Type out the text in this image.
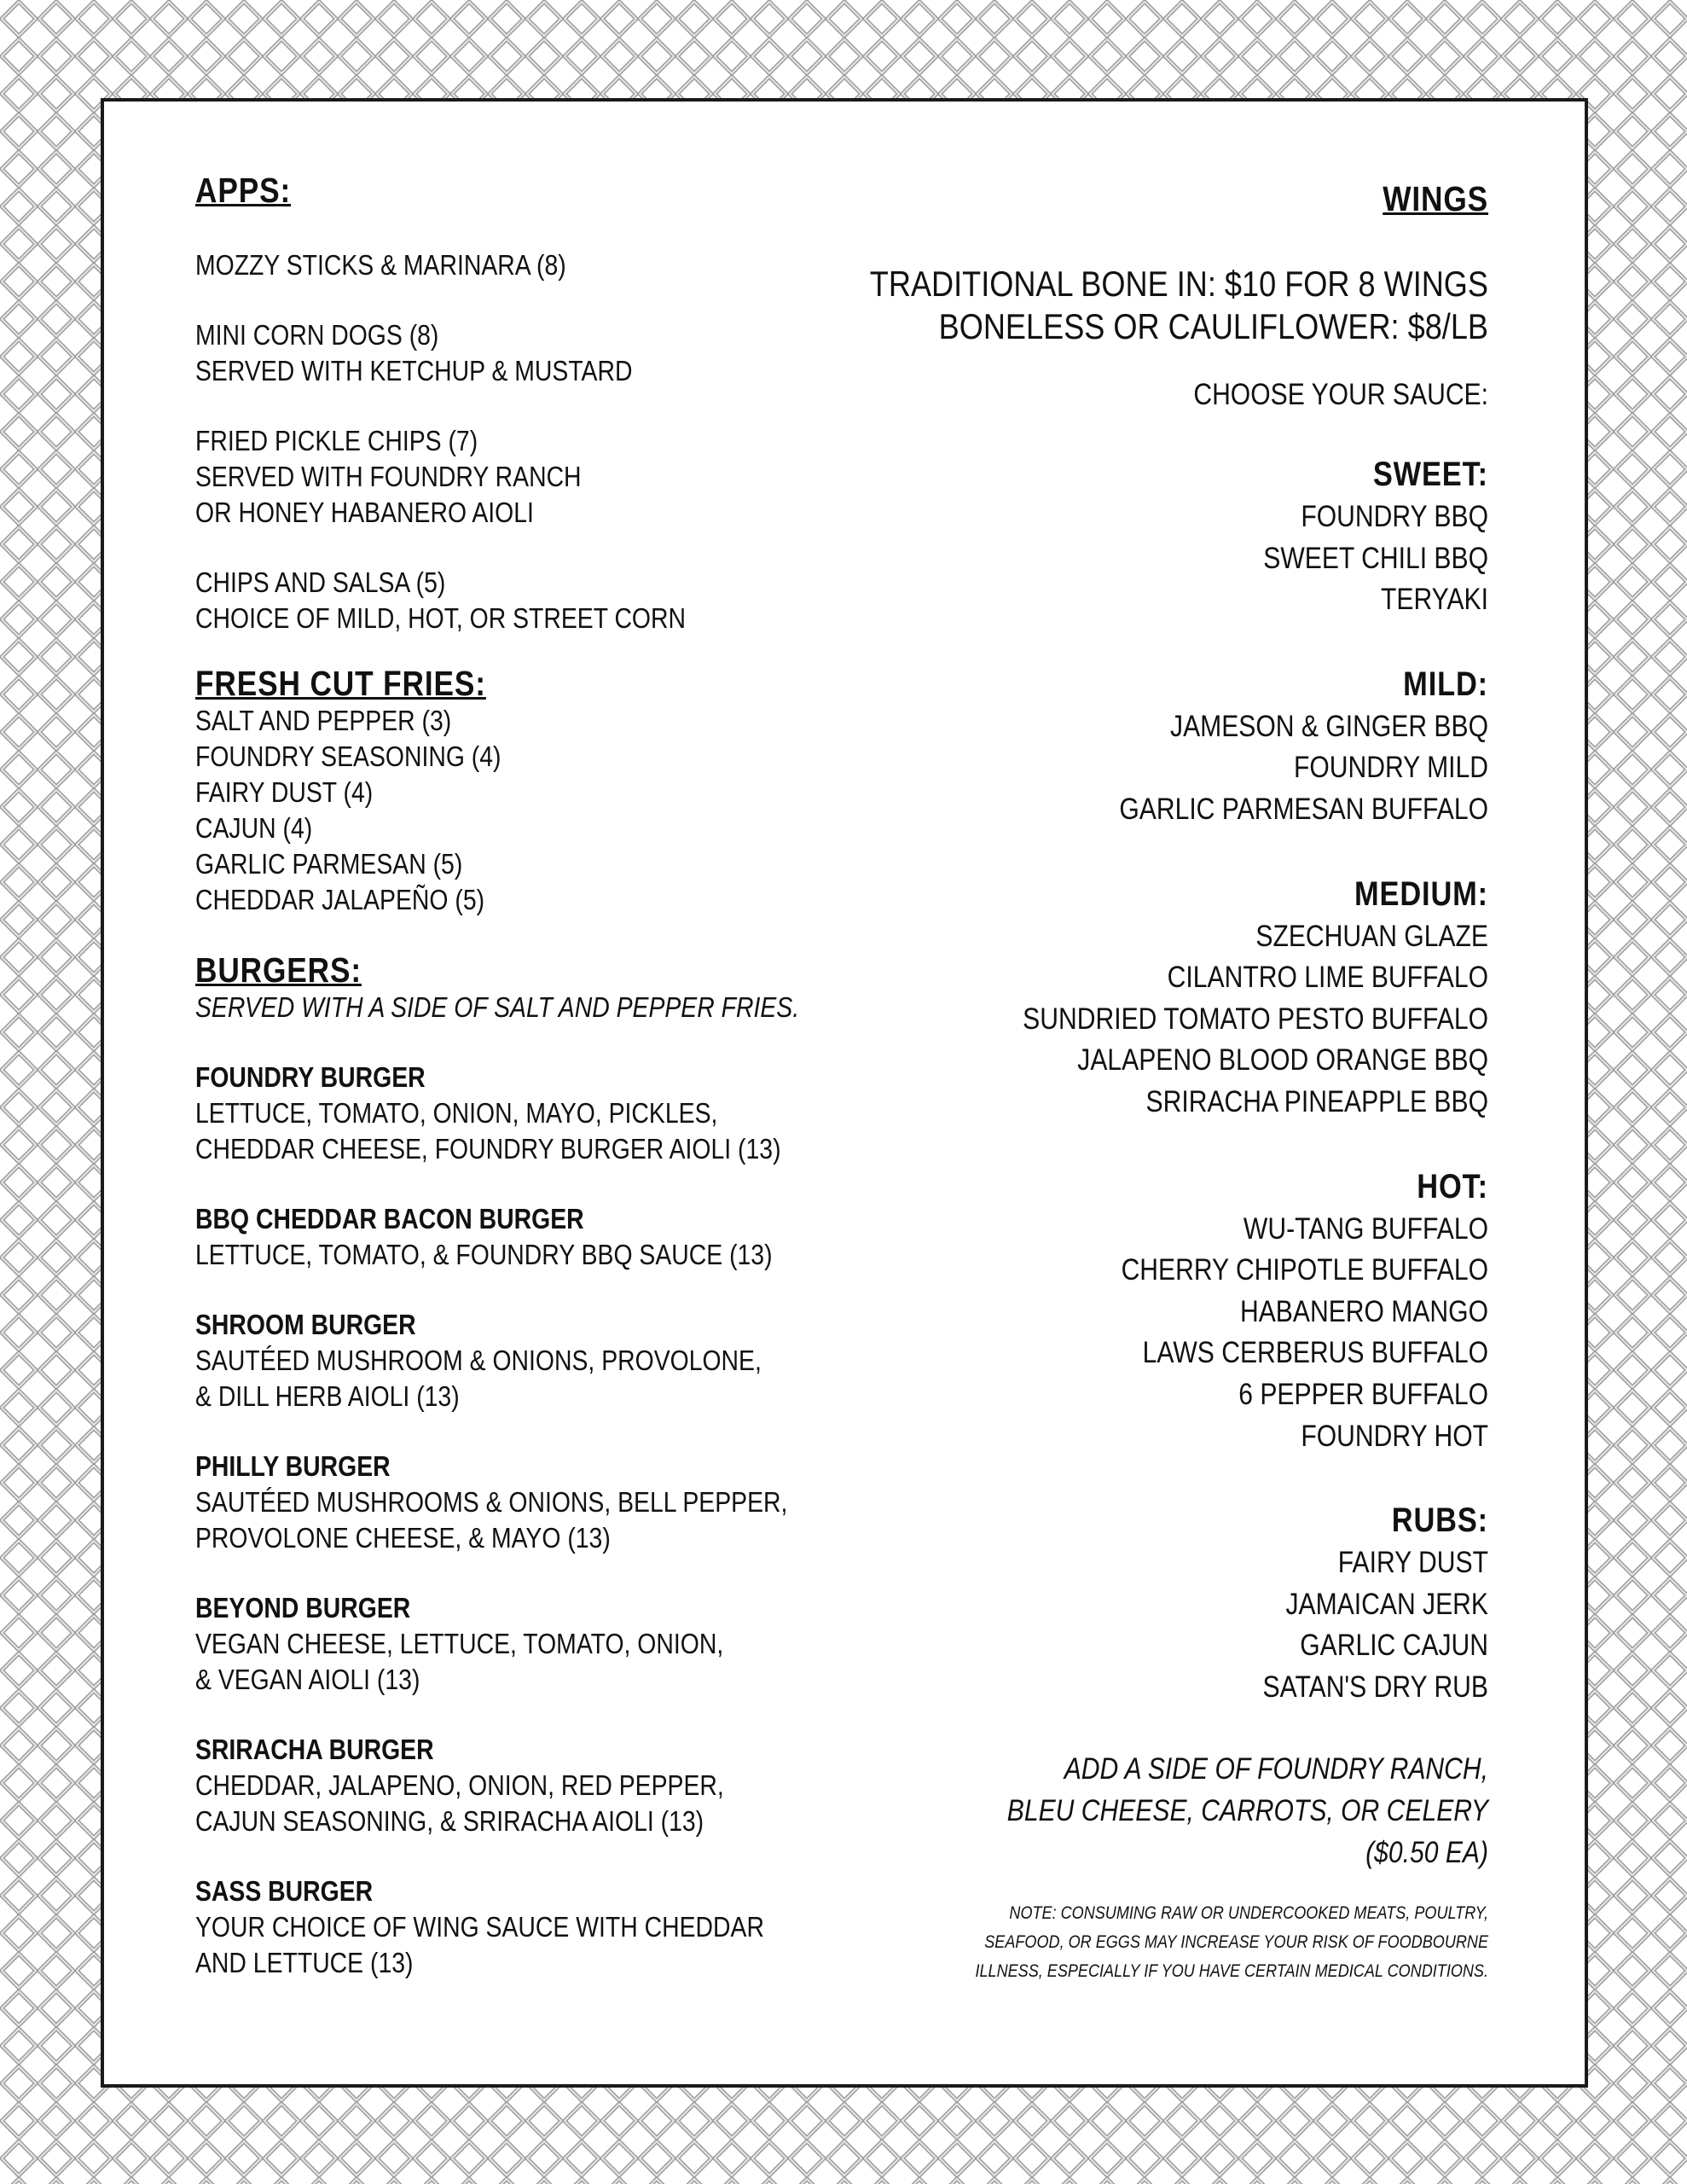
APPS:
MOZZY STICKS & MARINARA (8)
MINI CORN DOGS (8)
SERVED WITH KETCHUP & MUSTARD
FRIED PICKLE CHIPS (7)
SERVED WITH FOUNDRY RANCH
OR HONEY HABANERO AIOLI
CHIPS AND SALSA (5)
CHOICE OF MILD, HOT, OR STREET CORN
FRESH CUT FRIES:
SALT AND PEPPER (3)
FOUNDRY SEASONING (4)
FAIRY DUST (4)
CAJUN (4)
GARLIC PARMESAN (5)
CHEDDAR JALAPEÑO (5)
BURGERS:
SERVED WITH A SIDE OF SALT AND PEPPER FRIES.
FOUNDRY BURGER
LETTUCE, TOMATO, ONION, MAYO, PICKLES,
CHEDDAR CHEESE, FOUNDRY BURGER AIOLI (13)
BBQ CHEDDAR BACON BURGER
LETTUCE, TOMATO, & FOUNDRY BBQ SAUCE (13)
SHROOM BURGER
SAUTÉED MUSHROOM & ONIONS, PROVOLONE,
& DILL HERB AIOLI (13)
PHILLY BURGER
SAUTÉED MUSHROOMS & ONIONS, BELL PEPPER,
PROVOLONE CHEESE, & MAYO (13)
BEYOND BURGER
VEGAN CHEESE, LETTUCE, TOMATO, ONION,
& VEGAN AIOLI (13)
SRIRACHA BURGER
CHEDDAR, JALAPENO, ONION, RED PEPPER,
CAJUN SEASONING, & SRIRACHA AIOLI (13)
SASS BURGER
YOUR CHOICE OF WING SAUCE WITH CHEDDAR
AND LETTUCE (13)
WINGS
TRADITIONAL BONE IN: $10 FOR 8 WINGS
BONELESS OR CAULIFLOWER: $8/LB
CHOOSE YOUR SAUCE:
SWEET:
FOUNDRY BBQ
SWEET CHILI BBQ
TERYAKI
MILD:
JAMESON & GINGER BBQ
FOUNDRY MILD
GARLIC PARMESAN BUFFALO
MEDIUM:
SZECHUAN GLAZE
CILANTRO LIME BUFFALO
SUNDRIED TOMATO PESTO BUFFALO
JALAPENO BLOOD ORANGE BBQ
SRIRACHA PINEAPPLE BBQ
HOT:
WU-TANG BUFFALO
CHERRY CHIPOTLE BUFFALO
HABANERO MANGO
LAWS CERBERUS BUFFALO
6 PEPPER BUFFALO
FOUNDRY HOT
RUBS:
FAIRY DUST
JAMAICAN JERK
GARLIC CAJUN
SATAN'S DRY RUB
ADD A SIDE OF FOUNDRY RANCH,
BLEU CHEESE, CARROTS, OR CELERY
($0.50 EA)
NOTE: CONSUMING RAW OR UNDERCOOKED MEATS, POULTRY,
SEAFOOD, OR EGGS MAY INCREASE YOUR RISK OF FOODBOURNE
ILLNESS, ESPECIALLY IF YOU HAVE CERTAIN MEDICAL CONDITIONS.
